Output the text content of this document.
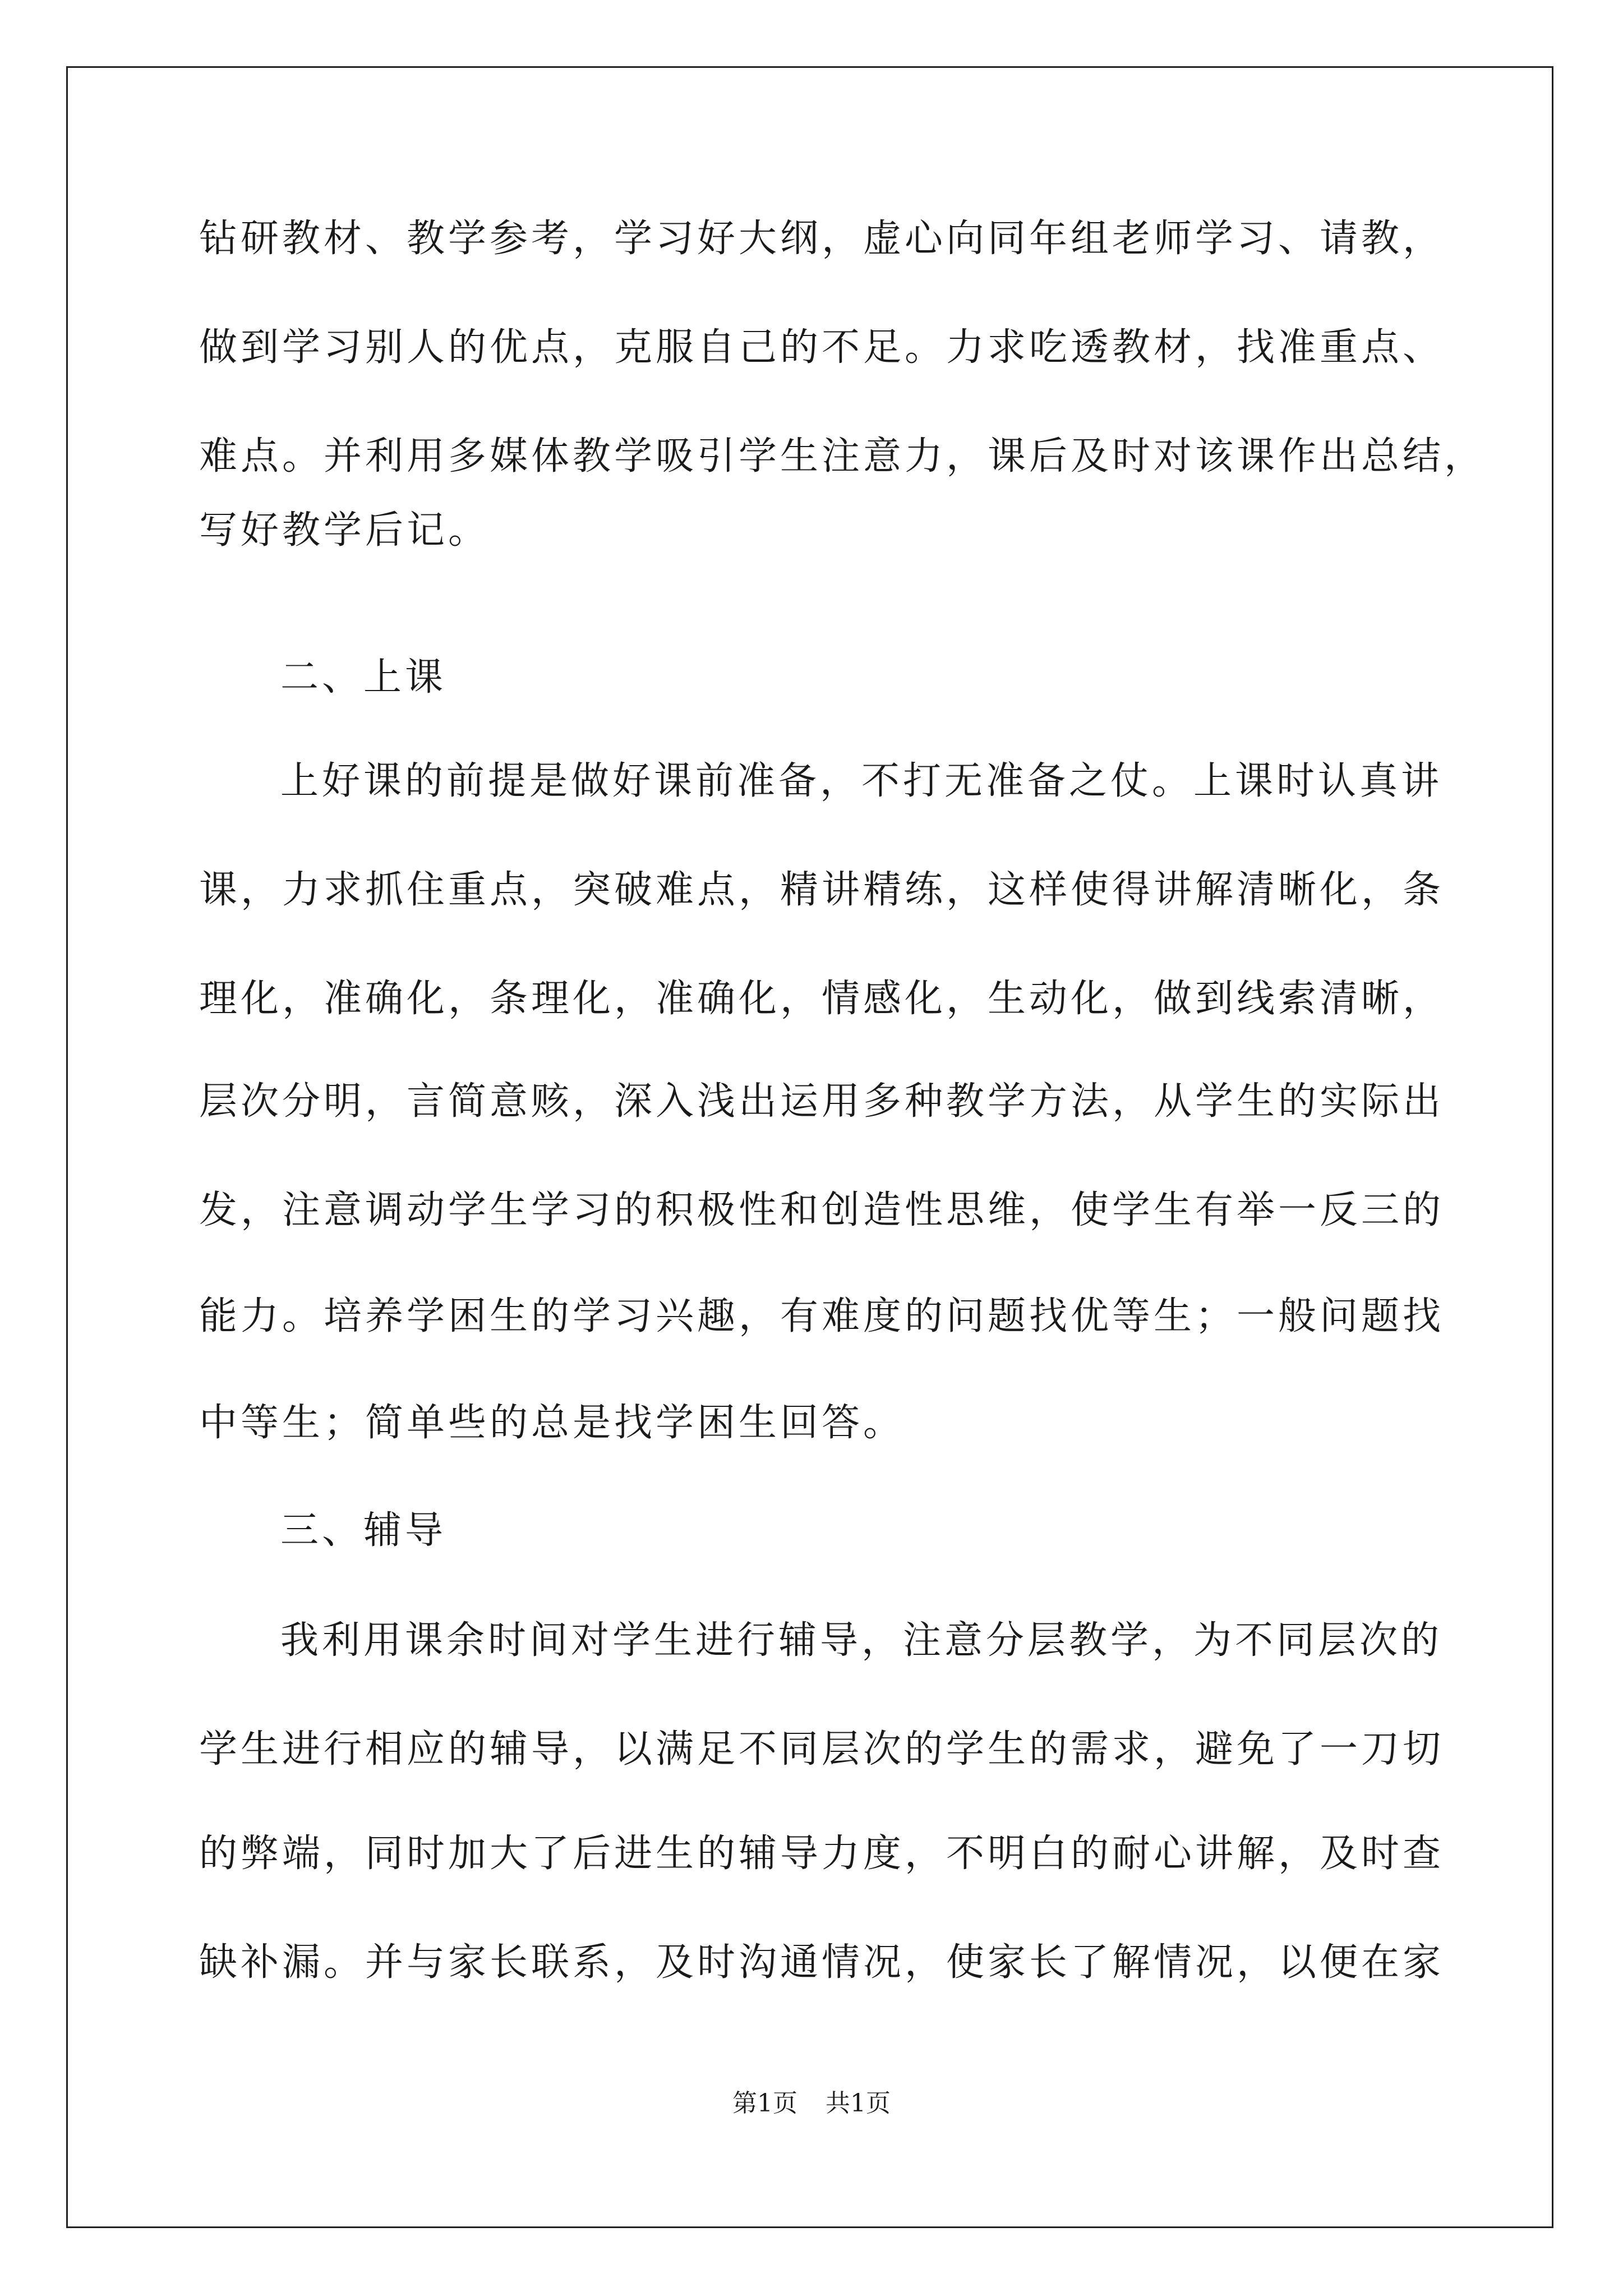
钻研教材、教学参考，学习好大纲，虚心向同年组老师学习、请教，
做到学习别人的优点，克服自己的不足。力求吃透教材，找准重点、
难点。并利用多媒体教学吸引学生注意力，课后及时对该课作出总结，
写好教学后记。
二、上课
上好课的前提是做好课前准备，不打无准备之仗。上课时认真讲
课，力求抓住重点，突破难点，精讲精练，这样使得讲解清晰化，条
理化，准确化，条理化，准确化，情感化，生动化，做到线索清晰，
层次分明，言简意赅，深入浅出运用多种教学方法，从学生的实际出
发，注意调动学生学习的积极性和创造性思维，使学生有举一反三的
能力。培养学困生的学习兴趣，有难度的问题找优等生；一般问题找
中等生；简单些的总是找学困生回答。
三、辅导
我利用课余时间对学生进行辅导，注意分层教学，为不同层次的
学生进行相应的辅导，以满足不同层次的学生的需求，避免了一刀切
的弊端，同时加大了后进生的辅导力度，不明白的耐心讲解，及时查
缺补漏。并与家长联系，及时沟通情况，使家长了解情况，以便在家
第1页 共1页
